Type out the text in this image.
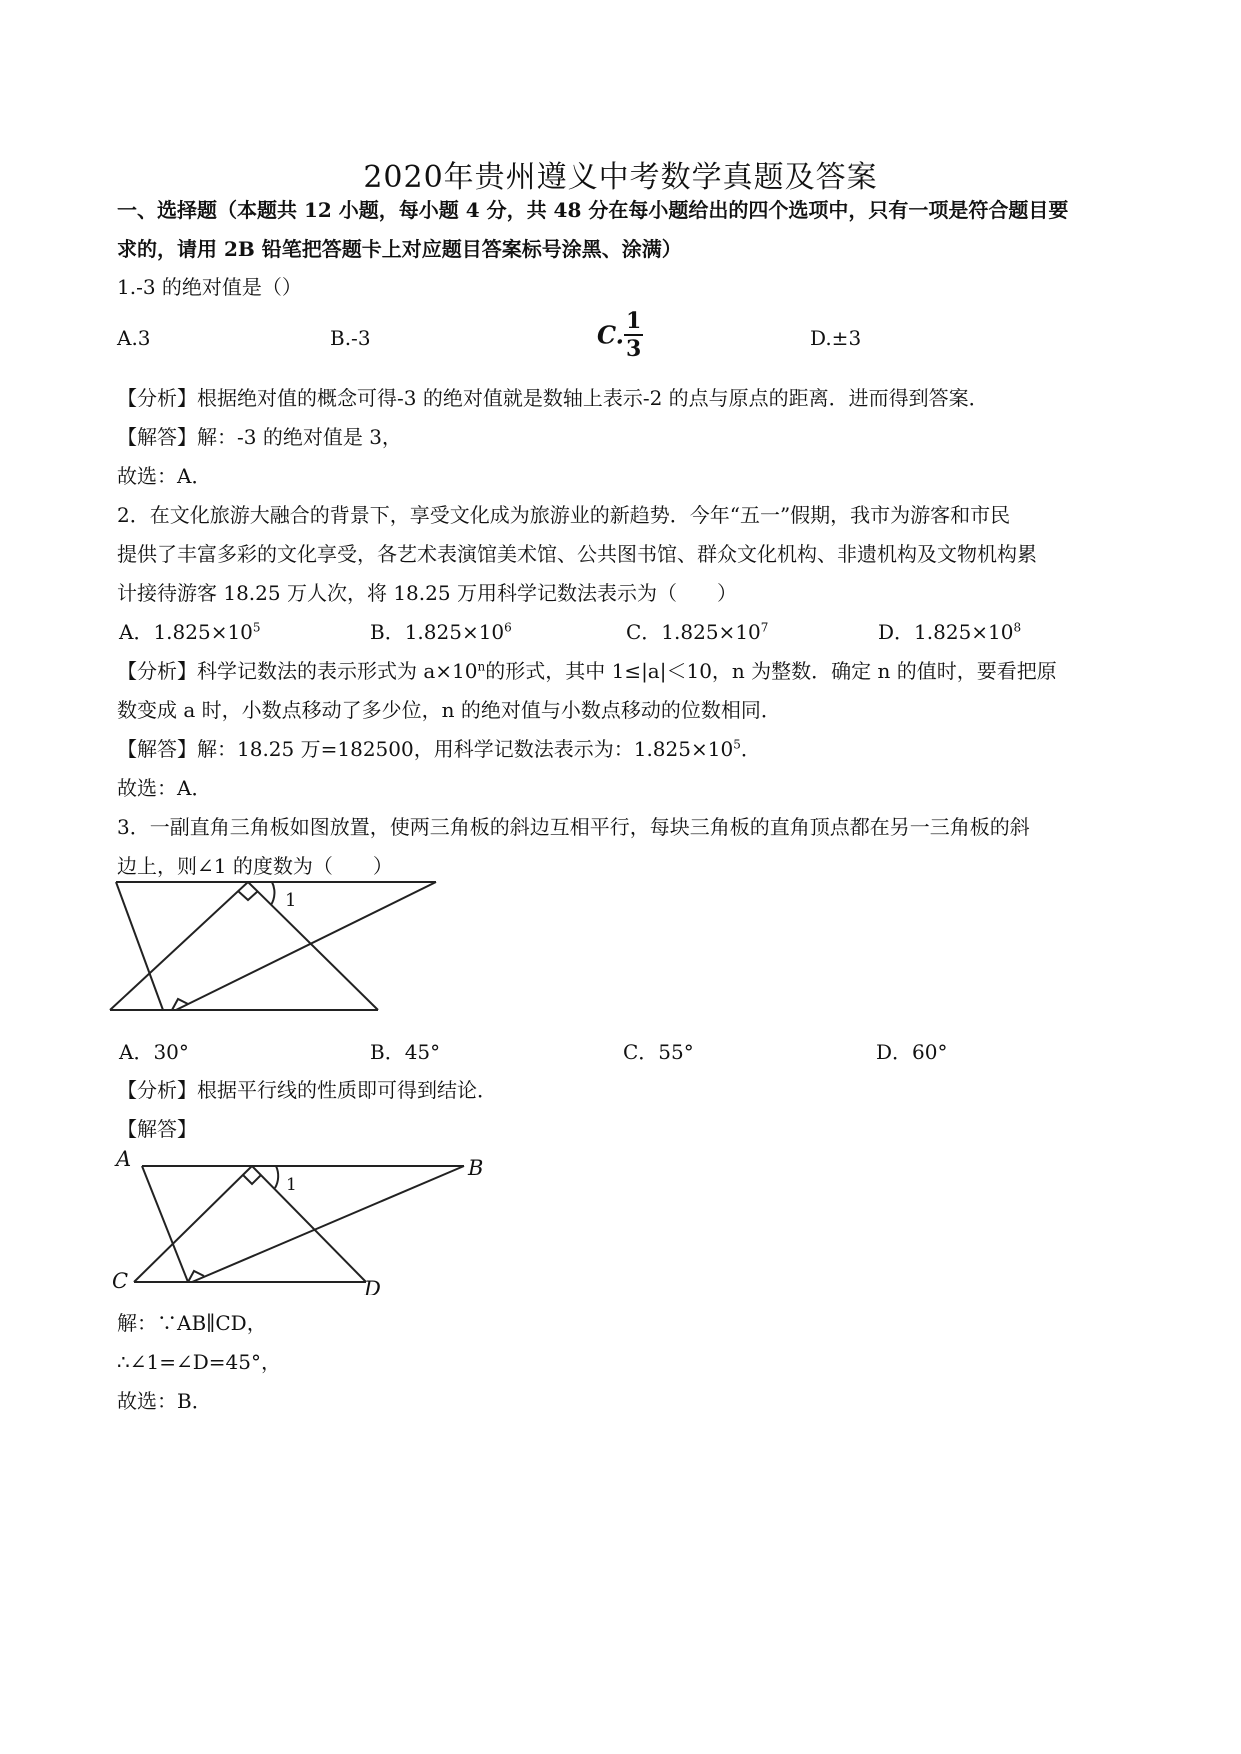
2020年贵州遵义中考数学真题及答案
一、选择题（本题共 12 小题，每小题 4 分，共 48 分在每小题给出的四个选项中，只有一项是符合题目要
求的，请用 2B 铅笔把答题卡上对应题目答案标号涂黑、涂满）
1.-3 的绝对值是（）
A.3	B.-3	C. $\frac{1}{3}$	D.±3
【分析】根据绝对值的概念可得-3 的绝对值就是数轴上表示-2 的点与原点的距离．进而得到答案．
【解答】解：-3 的绝对值是 3，
故选：A．
2．在文化旅游大融合的背景下，享受文化成为旅游业的新趋势．今年“五一”假期，我市为游客和市民
提供了丰富多彩的文化享受，各艺术表演馆美术馆、公共图书馆、群众文化机构、非遗机构及文物机构累
计接待游客 18.25 万人次，将 18.25 万用科学记数法表示为（　　）
A．$1.825\times 10^5$	B．$1.825\times 10^6$	C．$1.825\times 10^7$	D．$1.825\times 10^8$
【分析】科学记数法的表示形式为 $a\times 10^n$的形式，其中 1≤|a|＜10，n 为整数．确定 n 的值时，要看把原
数变成 a 时，小数点移动了多少位，n 的绝对值与小数点移动的位数相同．
【解答】解：18.25 万=182500，用科学记数法表示为：$1.825\times 10^5$．
故选：A．
3．一副直角三角板如图放置，使两三角板的斜边互相平行，每块三角板的直角顶点都在另一三角板的斜
边上，则∠1 的度数为（　　）
1
A．30°	B．45°	C．55°	D．60°
【分析】根据平行线的性质即可得到结论．
【解答】
A	B
C	D
1
解：∵AB∥CD，
∴∠1=∠D=45°，
故选：B．
